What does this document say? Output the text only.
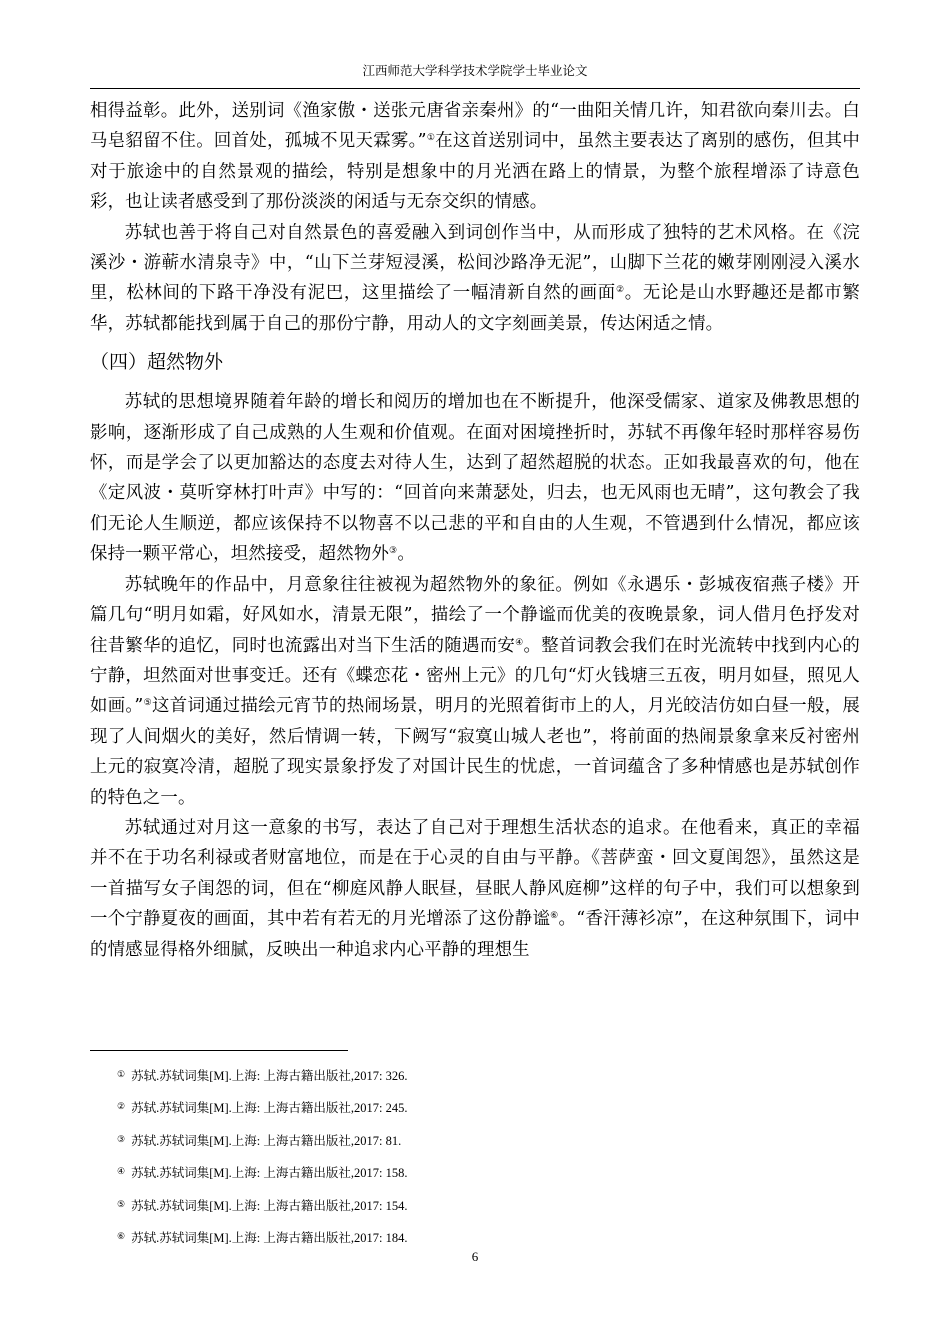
江西师范大学科学技术学院学士毕业论文

相得益彰。此外，送别词《渔家傲・送张元唐省亲秦州》的“一曲阳关情几许，知君欲向秦川去。白马皂貂留不住。回首处，孤城不见天霖雾。”①在这首送别词中，虽然主要表达了离别的感伤，但其中对于旅途中的自然景观的描绘，特别是想象中的月光洒在路上的情景，为整个旅程增添了诗意色彩，也让读者感受到了那份淡淡的闲适与无奈交织的情感。

苏轼也善于将自己对自然景色的喜爱融入到词创作当中，从而形成了独特的艺术风格。在《浣溪沙・游蕲水清泉寺》中，“山下兰芽短浸溪，松间沙路净无泥”，山脚下兰花的嫩芽刚刚浸入溪水里，松林间的下路干净没有泥巴，这里描绘了一幅清新自然的画面②。无论是山水野趣还是都市繁华，苏轼都能找到属于自己的那份宁静，用动人的文字刻画美景，传达闲适之情。

（四）超然物外

苏轼的思想境界随着年龄的增长和阅历的增加也在不断提升，他深受儒家、道家及佛教思想的影响，逐渐形成了自己成熟的人生观和价值观。在面对困境挫折时，苏轼不再像年轻时那样容易伤怀，而是学会了以更加豁达的态度去对待人生，达到了超然超脱的状态。正如我最喜欢的句，他在《定风波・莫听穿林打叶声》中写的：“回首向来萧瑟处，归去，也无风雨也无晴”，这句教会了我们无论人生顺逆，都应该保持不以物喜不以己悲的平和自由的人生观，不管遇到什么情况，都应该保持一颗平常心，坦然接受，超然物外③。

苏轼晚年的作品中，月意象往往被视为超然物外的象征。例如《永遇乐・彭城夜宿燕子楼》开篇几句“明月如霜，好风如水，清景无限”，描绘了一个静谧而优美的夜晚景象，词人借月色抒发对往昔繁华的追忆，同时也流露出对当下生活的随遇而安④。整首词教会我们在时光流转中找到内心的宁静，坦然面对世事变迁。还有《蝶恋花・密州上元》的几句“灯火钱塘三五夜，明月如昼，照见人如画。”⑤这首词通过描绘元宵节的热闹场景，明月的光照着街市上的人，月光皎洁仿如白昼一般，展现了人间烟火的美好，然后情调一转，下阙写“寂寞山城人老也”，将前面的热闹景象拿来反衬密州上元的寂寞冷清，超脱了现实景象抒发了对国计民生的忧虑，一首词蕴含了多种情感也是苏轼创作的特色之一。

苏轼通过对月这一意象的书写，表达了自己对于理想生活状态的追求。在他看来，真正的幸福并不在于功名利禄或者财富地位，而是在于心灵的自由与平静。《菩萨蛮・回文夏闺怨》，虽然这是一首描写女子闺怨的词，但在“柳庭风静人眠昼，昼眠人静风庭柳”这样的句子中，我们可以想象到一个宁静夏夜的画面，其中若有若无的月光增添了这份静谧⑥。“香汗薄衫凉”，在这种氛围下，词中的情感显得格外细腻，反映出一种追求内心平静的理想生

① 苏轼.苏轼词集[M].上海: 上海古籍出版社,2017: 326.
② 苏轼.苏轼词集[M].上海: 上海古籍出版社,2017: 245.
③ 苏轼.苏轼词集[M].上海: 上海古籍出版社,2017: 81.
④ 苏轼.苏轼词集[M].上海: 上海古籍出版社,2017: 158.
⑤ 苏轼.苏轼词集[M].上海: 上海古籍出版社,2017: 154.
⑥ 苏轼.苏轼词集[M].上海: 上海古籍出版社,2017: 184.
6
